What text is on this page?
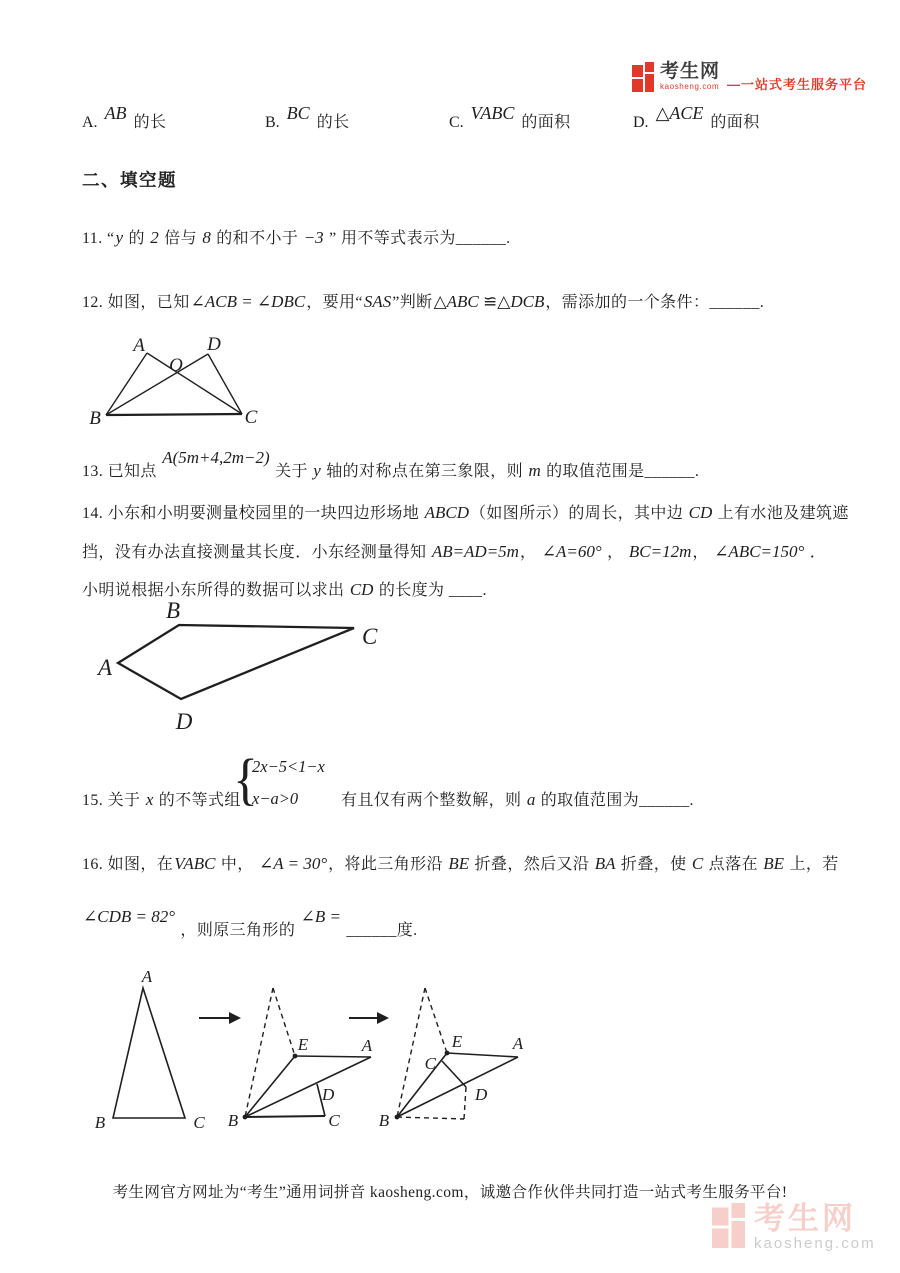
考生网
kaosheng.com —一站式考生服务平台
A. AB 的长	B. BC 的长	C. VABC 的面积	D. △ACE 的面积
二、填空题
11. “y 的 2 倍与 8 的和不小于 −3 ” 用不等式表示为______.
12. 如图，已知∠ACB = ∠DBC，要用“SAS”判断△ABC ≌△DCB，需添加的一个条件：______.
A	D
O
B	C
13. 已知点 A(5m+4,2m−2) 关于 y 轴的对称点在第三象限，则 m 的取值范围是______.
14. 小东和小明要测量校园里的一块四边形场地 ABCD（如图所示）的周长，其中边 CD 上有水池及建筑遮
挡，没有办法直接测量其长度．小东经测量得知 AB=AD=5m， ∠A=60° ， BC=12m， ∠ABC=150° ．
小明说根据小东所得的数据可以求出 CD 的长度为 ____.
B
C
A
D
15. 关于 x 的不等式组
{
2x−5<1−x
x−a>0	有且仅有两个整数解，则 a 的取值范围为______.
16. 如图，在VABC 中， ∠A = 30°，将此三角形沿 BE 折叠，然后又沿 BA 折叠，使 C 点落在 BE 上，若
∠CDB = 82° ，则原三角形的 ∠B = ______度.
A
B	C
E	A
D
B	C
E
C
A
D
B
考生网官方网址为“考生”通用词拼音 kaosheng.com，诚邀合作伙伴共同打造一站式考生服务平台!
考生网
kaosheng.com
